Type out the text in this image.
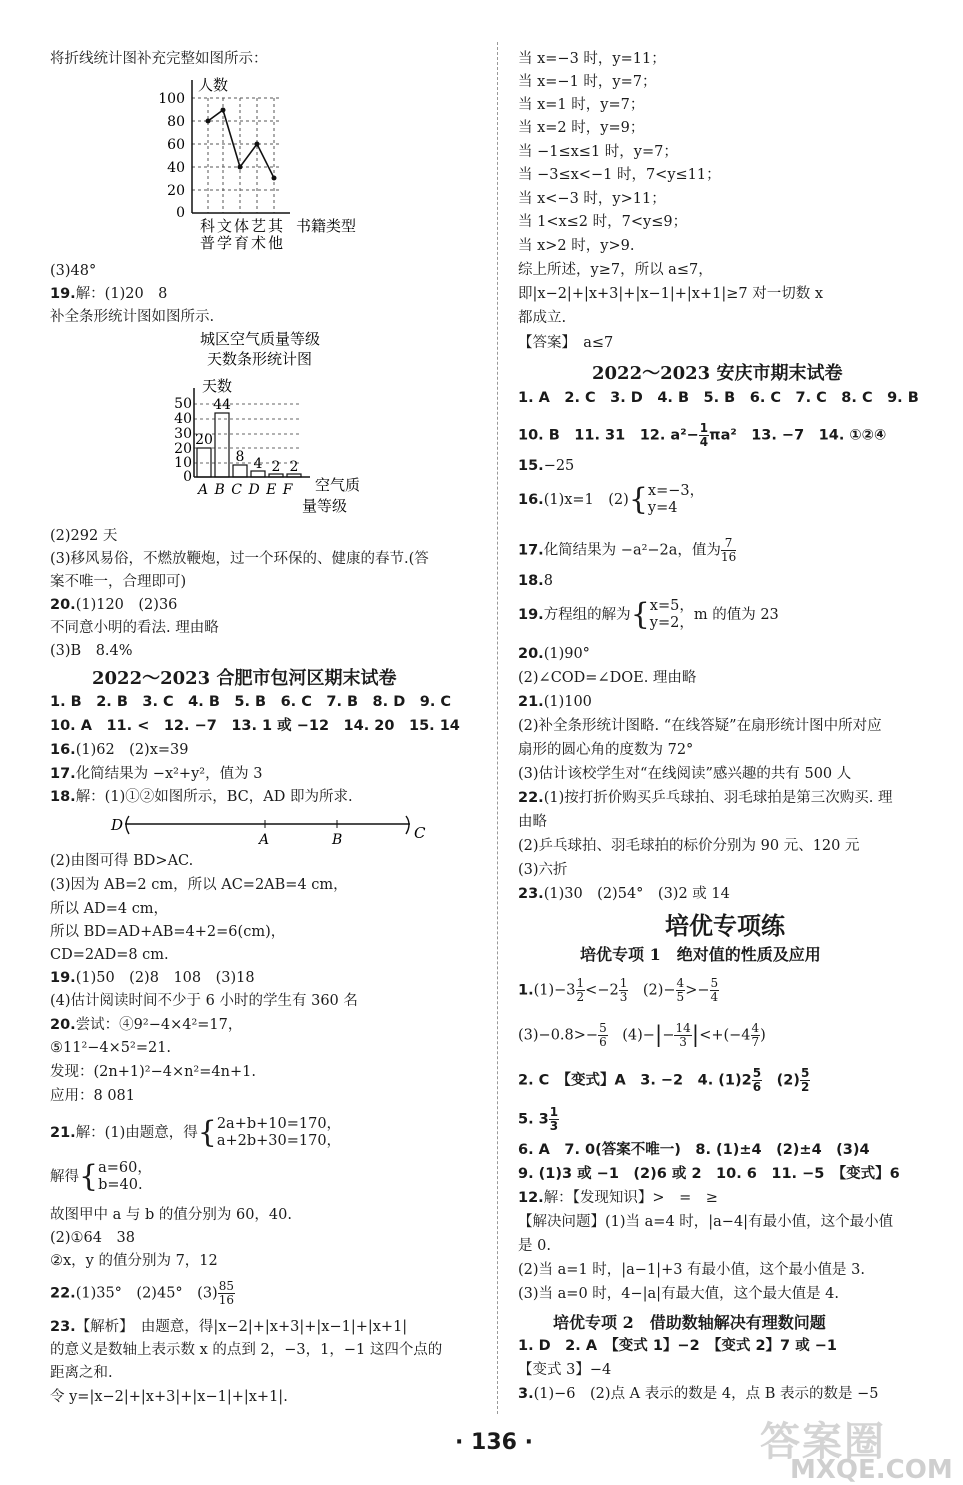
将折线统计图补充完整如图所示：
人数
100
80
60
40
20
0
科文体艺其
普学育术他
书籍类型
(3)48°
19.解：(1)20　8
补全条形统计图如图所示.
城区空气质量等级
天数条形统计图
天数
50
40
30
20
10
0
20
44
8 4 2 2
A B C D E F 空气质
量等级
(2)292 天
(3)移风易俗，不燃放鞭炮，过一个环保的、健康的春节.(答
案不唯一，合理即可)
20.(1)120　(2)36
不同意小明的看法. 理由略
(3)B　8.4%
2022～2023 合肥市包河区期末试卷
1. B　2. B　3. C　4. B　5. B　6. C　7. B　8. D　9. C
10. A　11. <　12. −7　13. 1 或 −12　14. 20　15. 14
16.(1)62　(2)x=39
17.化简结果为 −x²+y²，值为 3
18.解：(1)①②如图所示，BC，AD 即为所求.
D
A	B	C
(2)由图可得 BD>AC.
(3)因为 AB=2 cm，所以 AC=2AB=4 cm，
所以 AD=4 cm，
所以 BD=AD+AB=4+2=6(cm)，
CD=2AD=8 cm.
19.(1)50　(2)8　108　(3)18
(4)估计阅读时间不少于 6 小时的学生有 360 名
20.尝试：④9²−4×4²=17，
⑤11²−4×5²=21.
发现：(2n+1)²−4×n²=4n+1.
应用：8 081
21.解：(1)由题意，得{2a+b+10=170，
a+2b+30=170，
解得{a=60，
b=40.
故图甲中 a 与 b 的值分别为 60，40.
(2)①64　38
②x，y 的值分别为 7，12
22.(1)35°　(2)45°　$(3) \frac{85}{16}$
23.【解析】　由题意，得|x−2|+|x+3|+|x−1|+|x+1|
的意义是数轴上表示数 x 的点到 2，−3，1，−1 这四个点的
距离之和.
令 y=|x−2|+|x+3|+|x−1|+|x+1|.
当 x=−3 时，y=11；
当 x=−1 时，y=7；
当 x=1 时，y=7；
当 x=2 时，y=9；
当 −1≤x≤1 时，y=7；
当 −3≤x<−1 时，7<y≤11；
当 x<−3 时，y>11；
当 1<x≤2 时，7<y≤9；
当 x>2 时，y>9.
综上所述，y≥7，所以 a≤7，
即|x−2|+|x+3|+|x−1|+|x+1|≥7 对一切数 x
都成立.
【答案】　a≤7
2022～2023 安庆市期末试卷
1. A　2. C　3. D　4. B　5. B　6. C　7. C　8. C　9. B
10. B　11. 31　12. $a^2- \frac{1}{4} \pi a^2$　13. −7　14. ①②④
15.−25
16.(1)x=1　(2){x=−3，
y=4
17.化简结果为 −a²−2a，值为 $\frac{7}{16}$
18.8
19.方程组的解为{x=5，
y=2，m 的值为 23
20.(1)90°
(2)∠COD=∠DOE. 理由略
21.(1)100
(2)补全条形统计图略. “在线答疑”在扇形统计图中所对应
扇形的圆心角的度数为 72°
(3)估计该校学生对“在线阅读”感兴趣的共有 500 人
22.(1)按打折价购买乒乓球拍、羽毛球拍是第三次购买. 理
由略
(2)乒乓球拍、羽毛球拍的标价分别为 90 元、120 元
(3)六折
23.(1)30　(2)54°　(3)2 或 14
培优专项练
培优专项 1　绝对值的性质及应用
$1.(1)-3 \frac{1}{2} <-2 \frac{1}{3}$ 　$(2)- \frac{4}{5} >- \frac{5}{4}$
$(3)-0.8>- \frac{5}{6}$ 　$(4)-|- \frac{14}{3} |<+(-4 \frac{4}{7}$ )
2. C　【变式】A　3. −2　4. $(1)2 \frac{5}{6}$ 　$(2) \frac{5}{2}$
5. $3 \frac{1}{3}$
6. A　7. 0(答案不唯一)　8. (1)±4　(2)±4　(3)4
9. (1)3 或 −1　(2)6 或 2　10. 6　11. −5　【变式】6
12.解：【发现知识】>　=　≥
【解决问题】(1)当 a=4 时，|a−4|有最小值，这个最小值
是 0.
(2)当 a=1 时，|a−1|+3 有最小值，这个最小值是 3.
(3)当 a=0 时，4−|a|有最大值，这个最大值是 4.
培优专项 2　借助数轴解决有理数问题
1. D　2. A　【变式 1】−2　【变式 2】7 或 −1
【变式 3】−4
3.(1)−6　(2)点 A 表示的数是 4，点 B 表示的数是 −5
答案圈
MXQE.COM
· 136 ·
